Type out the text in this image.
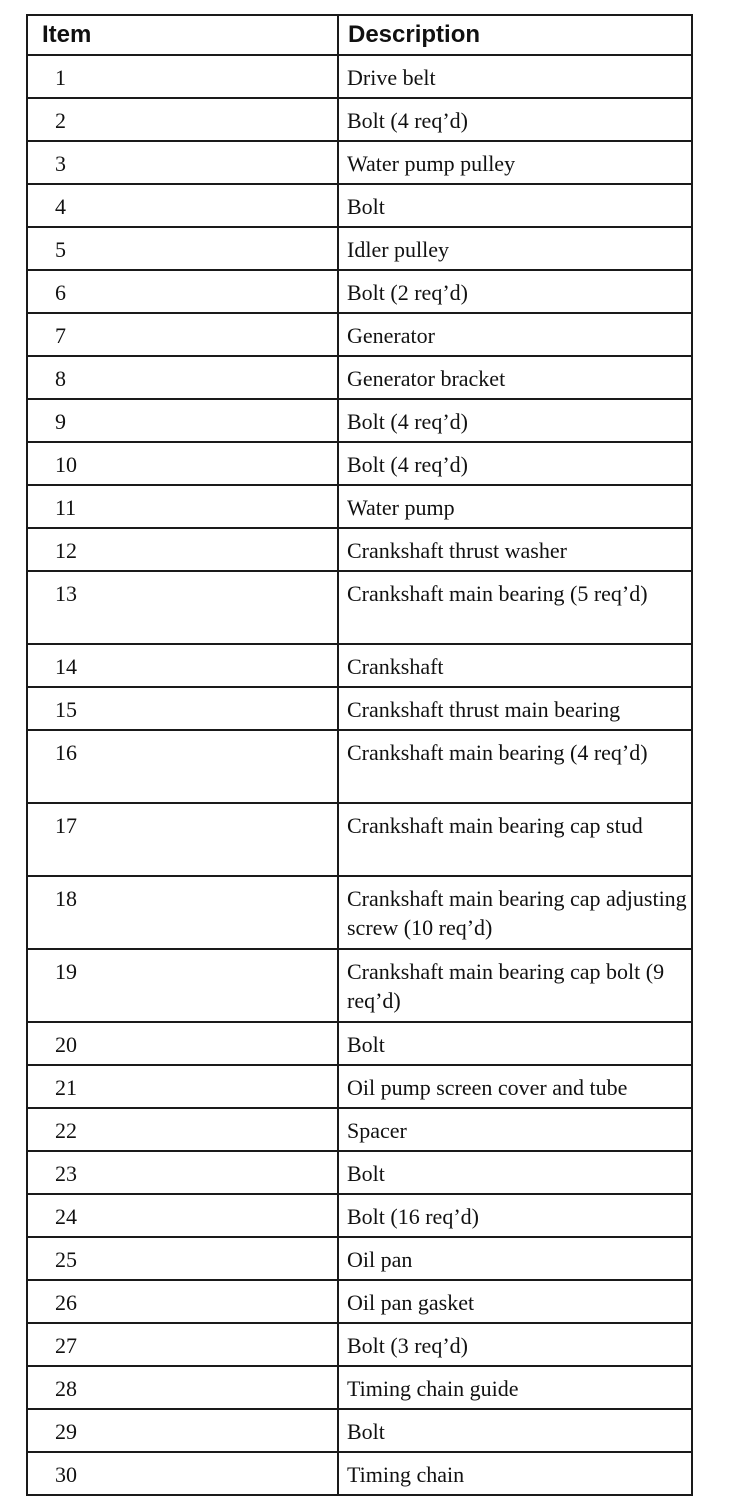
Item	Description
1	Drive belt
2	Bolt (4 req’d)
3	Water pump pulley
4	Bolt
5	Idler pulley
6	Bolt (2 req’d)
7	Generator
8	Generator bracket
9	Bolt (4 req’d)
10	Bolt (4 req’d)
11	Water pump
12	Crankshaft thrust washer
13	Crankshaft main bearing (5 req’d)
14	Crankshaft
15	Crankshaft thrust main bearing
16	Crankshaft main bearing (4 req’d)
17	Crankshaft main bearing cap stud
18	Crankshaft main bearing cap adjusting screw (10 req’d)
19	Crankshaft main bearing cap bolt (9 req’d)
20	Bolt
21	Oil pump screen cover and tube
22	Spacer
23	Bolt
24	Bolt (16 req’d)
25	Oil pan
26	Oil pan gasket
27	Bolt (3 req’d)
28	Timing chain guide
29	Bolt
30	Timing chain
